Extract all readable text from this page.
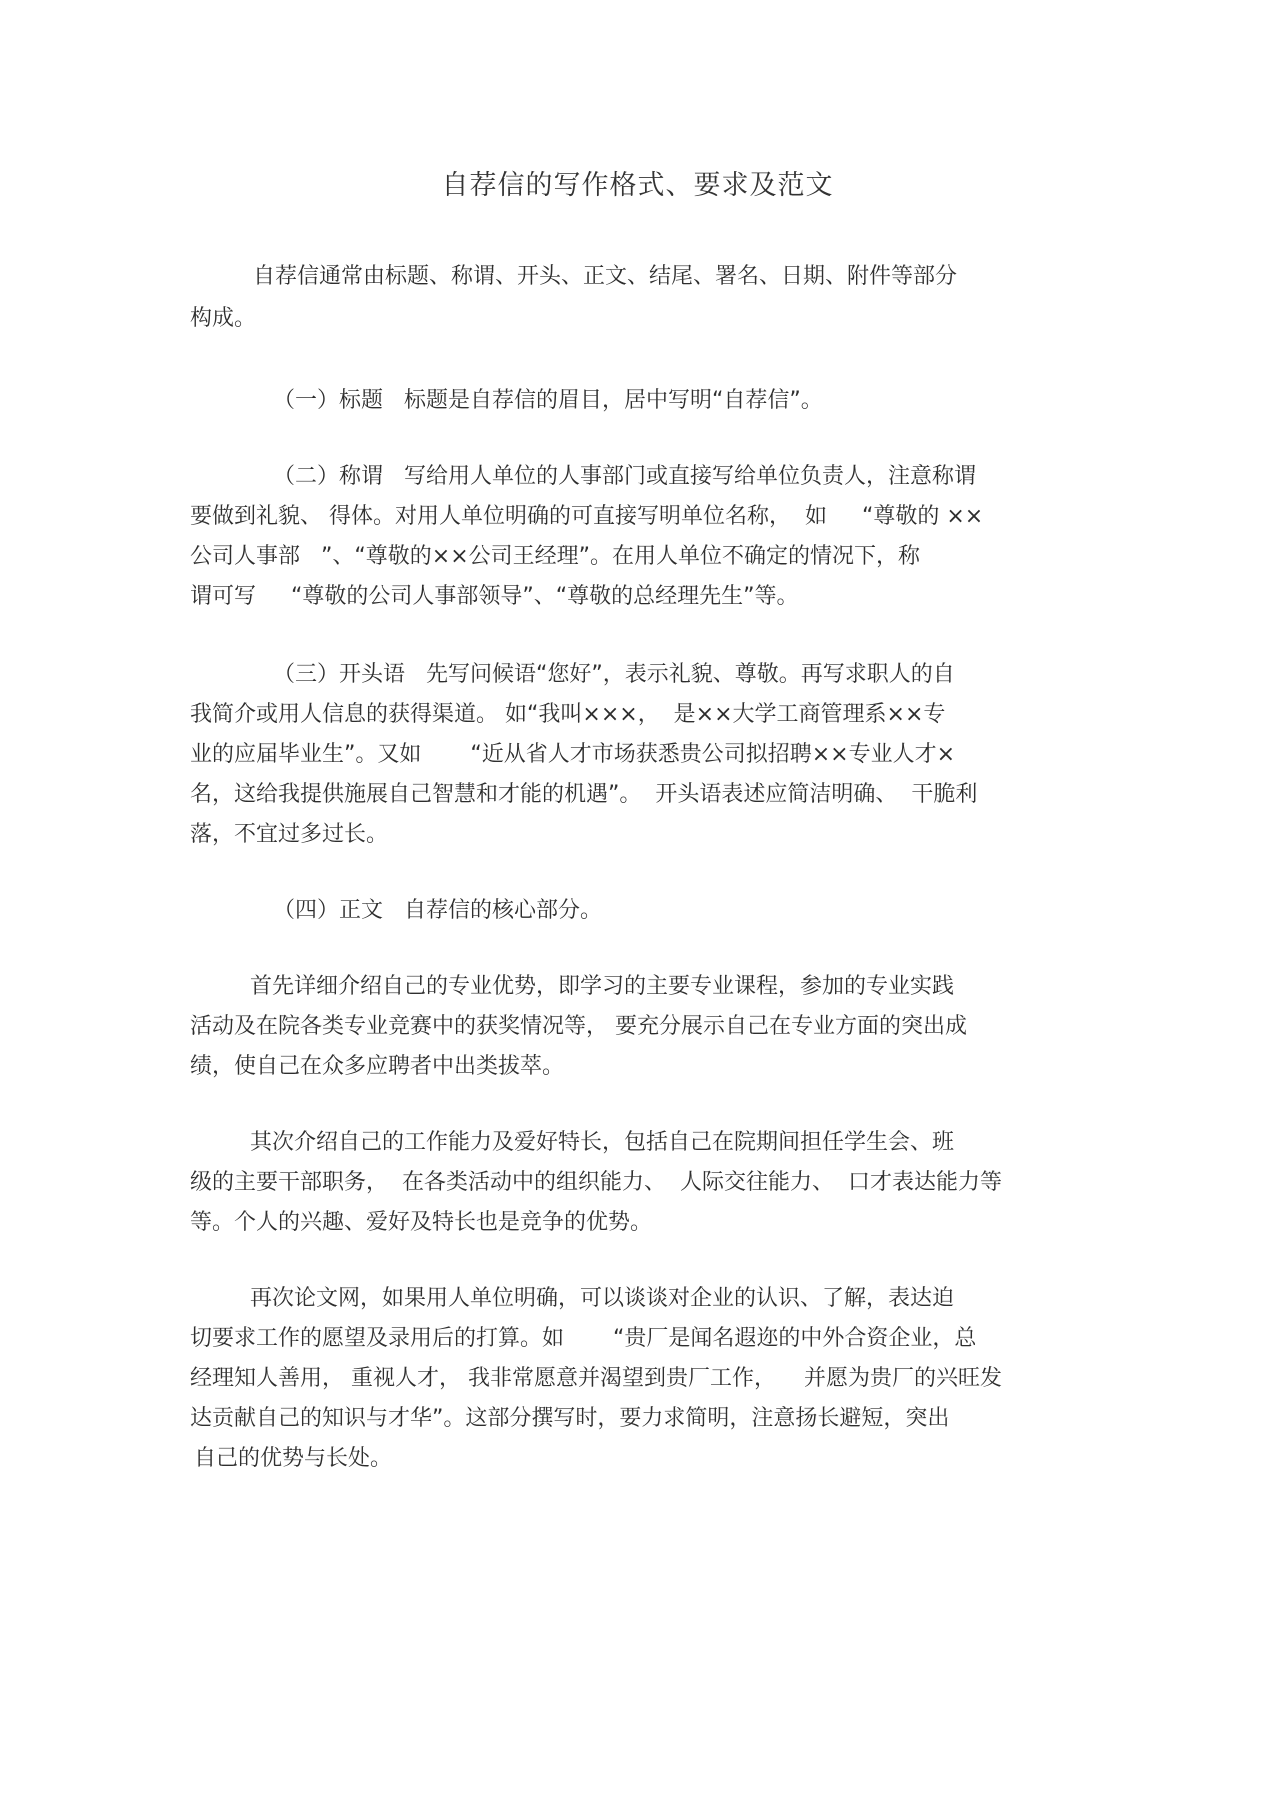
自荐信的写作格式、要求及范文
自荐信通常由标题、称谓、开头、正文、结尾、署名、日期、附件等部分
构成。
（一）标题   标题是自荐信的眉目，居中写明“自荐信”。
（二）称谓   写给用人单位的人事部门或直接写给单位负责人，注意称谓
要做到礼貌、 得体。对用人单位明确的可直接写明单位名称，  如     “尊敬的 ××
公司人事部   ”、“尊敬的××公司王经理”。在用人单位不确定的情况下，称
谓可写     “尊敬的公司人事部领导”、“尊敬的总经理先生”等。
（三）开头语   先写问候语“您好”，表示礼貌、尊敬。再写求职人的自
我简介或用人信息的获得渠道。 如“我叫×××，  是××大学工商管理系××专
业的应届毕业生”。又如       “近从省人才市场获悉贵公司拟招聘××专业人才×
名，这给我提供施展自己智慧和才能的机遇”。  开头语表述应简洁明确、  干脆利
落，不宜过多过长。
（四）正文   自荐信的核心部分。
首先详细介绍自己的专业优势，即学习的主要专业课程，参加的专业实践
活动及在院各类专业竞赛中的获奖情况等， 要充分展示自己在专业方面的突出成
绩，使自己在众多应聘者中出类拔萃。
其次介绍自己的工作能力及爱好特长，包括自己在院期间担任学生会、班
级的主要干部职务，  在各类活动中的组织能力、  人际交往能力、  口才表达能力等
等。个人的兴趣、爱好及特长也是竞争的优势。
再次论文网，如果用人单位明确，可以谈谈对企业的认识、了解，表达迫
切要求工作的愿望及录用后的打算。如       “贵厂是闻名遐迩的中外合资企业，总
经理知人善用， 重视人才， 我非常愿意并渴望到贵厂工作，    并愿为贵厂的兴旺发
达贡献自己的知识与才华”。这部分撰写时，要力求简明，注意扬长避短，突出
自己的优势与长处。
